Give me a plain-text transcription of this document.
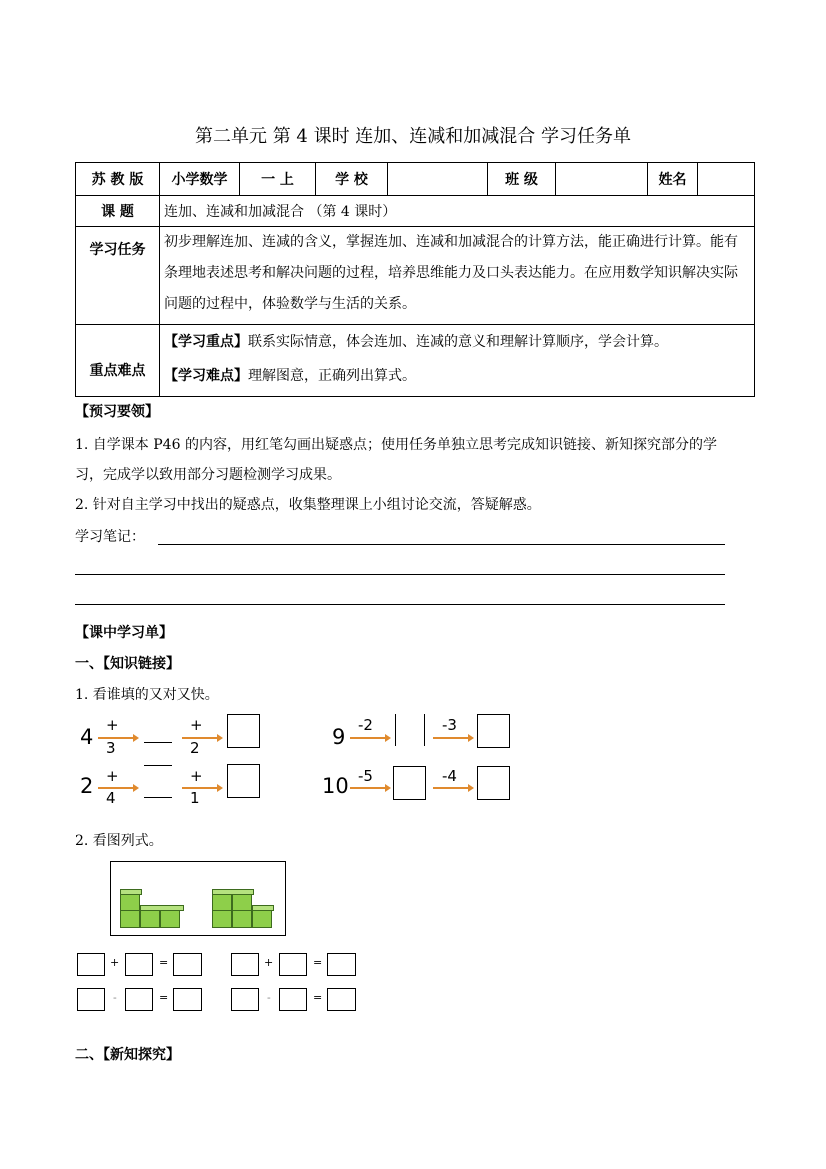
第二单元 第 4 课时 连加、连减和加减混合 学习任务单
苏 教 版	小学数学	一 上	学 校		班 级		姓名	
课 题	连加、连减和加减混合 （第 4 课时）							
学习任务	初步理解连加、连减的含义，掌握连加、连减和加减混合的计算方法，能正确进行计算。能有条理地表述思考和解决问题的过程，培养思维能力及口头表达能力。在应用数学知识解决实际问题的过程中，体验数学与生活的关系。							
重点难点	【学习重点】联系实际情意，体会连加、连减的意义和理解计算顺序，学会计算。
【学习难点】理解图意，正确列出算式。							
【预习要领】
1. 自学课本 P46 的内容，用红笔勾画出疑惑点；使用任务单独立思考完成知识链接、新知探究部分的学习，完成学以致用部分习题检测学习成果。
2. 针对自主学习中找出的疑惑点，收集整理课上小组讨论交流，答疑解惑。
学习笔记：
【课中学习单】
一、【知识链接】
1. 看谁填的又对又快。
4 +
3
+
2
2 +
4
+
1
9 -2	-3
10 -5	-4
2. 看图列式。
+	=	+	=
-	=	-	=
二、【新知探究】
